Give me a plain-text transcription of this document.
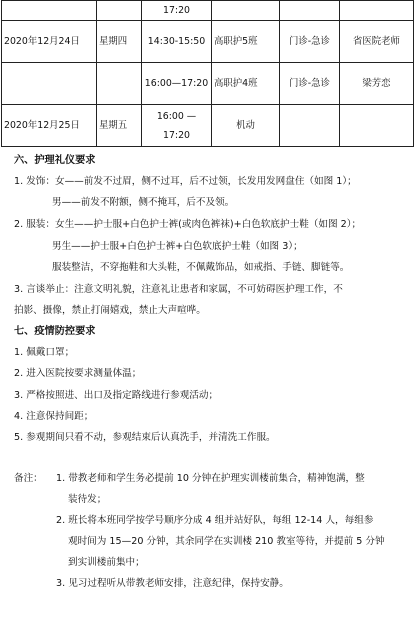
		17:20			
2020年12月24日	星期四	14:30-15:50	高职护5班	门诊-急诊	省医院老师
		16:00—17:20	高职护4班	门诊-急诊	梁芳恋
2020年12月25日	星期五	16:00 —17:20	机动		
六、护理礼仪要求
1. 发饰：女——前发不过眉，侧不过耳，后不过领，长发用发网盘住（如图 1）；
男——前发不附额，侧不掩耳，后不及领。
2. 服装：女生——护士服+白色护士裤(或肉色裤袜)+白色软底护士鞋（如图 2）；
男生——护士服+白色护士裤+白色软底护士鞋（如图 3）；
服装整洁，不穿拖鞋和大头鞋，不佩戴饰品，如戒指、手链、脚链等。
3. 言谈举止：注意文明礼貌，注意礼让患者和家属，不可妨碍医护理工作，不
拍影、摄像，禁止打闹嬉戏，禁止大声喧哗。
七、疫情防控要求
1. 佩戴口罩；
2. 进入医院按要求测量体温；
3. 严格按照进、出口及指定路线进行参观活动；
4. 注意保持间距；
5. 参观期间只看不动，参观结束后认真洗手，并清洗工作服。
备注：	1. 带教老师和学生务必提前 10 分钟在护理实训楼前集合，精神饱满，整
装待发；
2. 班长将本班同学按学号顺序分成 4 组并站好队，每组 12-14 人，每组参
观时间为 15—20 分钟，其余同学在实训楼 210 教室等待，并提前 5 分钟
到实训楼前集中；
3. 见习过程听从带教老师安排，注意纪律，保持安静。
